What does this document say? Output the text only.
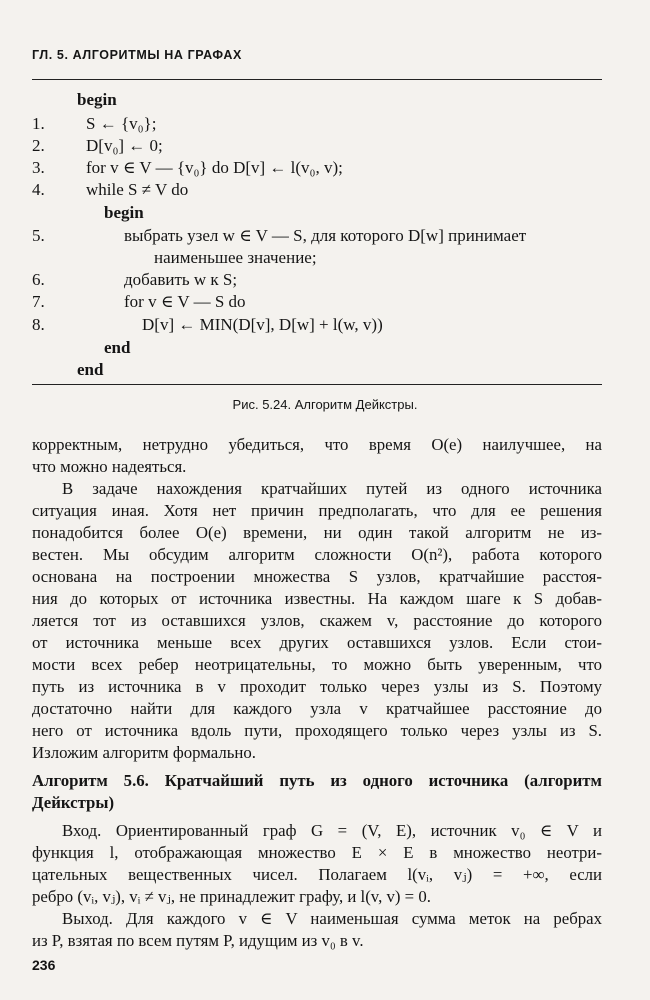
ГЛ. 5. АЛГОРИТМЫ НА ГРАФАХ
begin
1.	S ← {v₀};
2.	D[v₀] ← 0;
3.	for v ∈ V — {v₀} do D[v] ← l(v₀, v);
4.	while S ≠ V do
begin
5.	выбрать узел w ∈ V — S, для которого D[w] принимает
наименьшее значение;
6.	добавить w к S;
7.	for v ∈ V — S do
8.	D[v] ← MIN(D[v], D[w] + l(w, v))
end
end
Рис. 5.24. Алгоритм Дейкстры.
корректным, нетрудно убедиться, что время O(e) наилучшее, на
что можно надеяться.
В задаче нахождения кратчайших путей из одного источника
ситуация иная. Хотя нет причин предполагать, что для ее решения
понадобится более O(e) времени, ни один такой алгоритм не из-
вестен. Мы обсудим алгоритм сложности O(n²), работа которого
основана на построении множества S узлов, кратчайшие расстоя-
ния до которых от источника известны. На каждом шаге к S добав-
ляется тот из оставшихся узлов, скажем v, расстояние до которого
от источника меньше всех других оставшихся узлов. Если стои-
мости всех ребер неотрицательны, то можно быть уверенным, что
путь из источника в v проходит только через узлы из S. Поэтому
достаточно найти для каждого узла v кратчайшее расстояние до
него от источника вдоль пути, проходящего только через узлы из S.
Изложим алгоритм формально.
Алгоритм 5.6. Кратчайший путь из одного источника (алгоритм
Дейкстры)
Вход. Ориентированный граф G = (V, E), источник v₀ ∈ V и
функция l, отображающая множество E × E в множество неотри-
цательных вещественных чисел. Полагаем l(vᵢ, vⱼ) = +∞, если
ребро (vᵢ, vⱼ), vᵢ ≠ vⱼ, не принадлежит графу, и l(v, v) = 0.
Выход. Для каждого v ∈ V наименьшая сумма меток на ребрах
из P, взятая по всем путям P, идущим из v₀ в v.
236
